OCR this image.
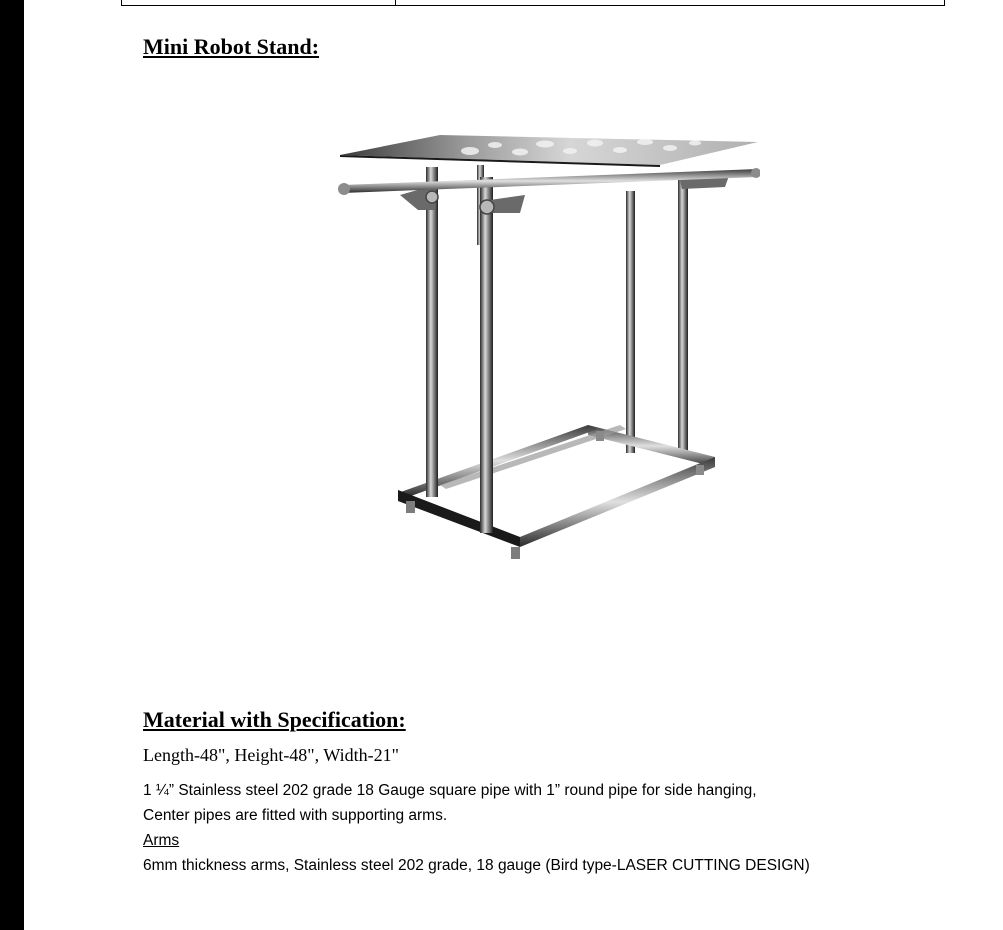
Mini Robot Stand:
Material with Specification:
Length-48", Height-48", Width-21"
1 ¼” Stainless steel 202 grade 18 Gauge square pipe with 1” round pipe for side hanging,
Center pipes are fitted with supporting arms.
Arms
6mm thickness arms, Stainless steel 202 grade, 18 gauge (Bird type-LASER CUTTING DESIGN)
